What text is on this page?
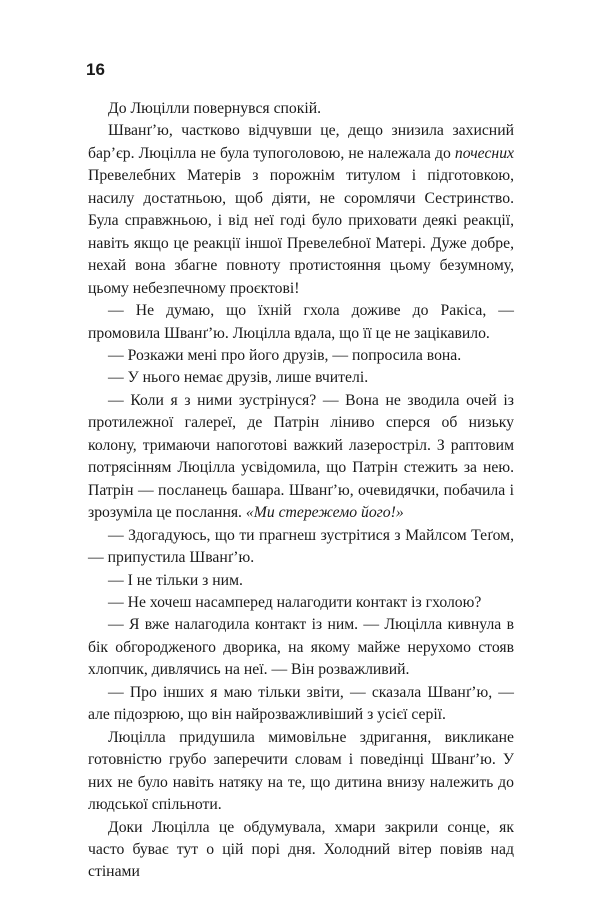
16

До Люцілли повернувся спокій.

Шванґ’ю, частково відчувши це, дещо знизила захисний бар’єр. Люцілла не була тупоголовою, не належала до почесних Превелебних Матерів з порожнім титулом і підготовкою, насилу достатньою, щоб діяти, не соромлячи Сестринство. Була справжньою, і від неї годі було приховати деякі реакції, навіть якщо це реакції іншої Превелебної Матері. Дуже добре, нехай вона збагне повноту протистояння цьому безумному, цьому небезпечному проєктові!

— Не думаю, що їхній гхола доживе до Ракіса, — промовила Шванґ’ю. Люцілла вдала, що її це не зацікавило.

— Розкажи мені про його друзів, — попросила вона.

— У нього немає друзів, лише вчителі.

— Коли я з ними зустрінуся? — Вона не зводила очей із протилежної галереї, де Патрін ліниво сперся об низьку колону, тримаючи напоготові важкий лазерострiл. З раптовим потрясінням Люцілла усвідомила, що Патрін стежить за нею. Патрін — посланець башара. Шванґ’ю, очевидячки, побачила і зрозуміла це послання. «Ми стережемо його!»

— Здогадуюсь, що ти прагнеш зустрітися з Майлсом Теґом, — припустила Шванґ’ю.

— І не тільки з ним.

— Не хочеш насамперед налагодити контакт із гхолою?

— Я вже налагодила контакт із ним. — Люцілла кивнула в бік обгородженого дворика, на якому майже нерухомо стояв хлопчик, дивлячись на неї. — Він розважливий.

— Про інших я маю тільки звіти, — сказала Шванґ’ю, — але підозрюю, що він найрозважливіший з усієї серії.

Люцілла придушила мимовільне здригання, викликане готовністю грубо заперечити словам і поведінці Шванґ’ю. У них не було навіть натяку на те, що дитина внизу належить до людської спільноти.

Доки Люцілла це обдумувала, хмари закрили сонце, як часто буває тут о цій порі дня. Холодний вітер повіяв над стінами
